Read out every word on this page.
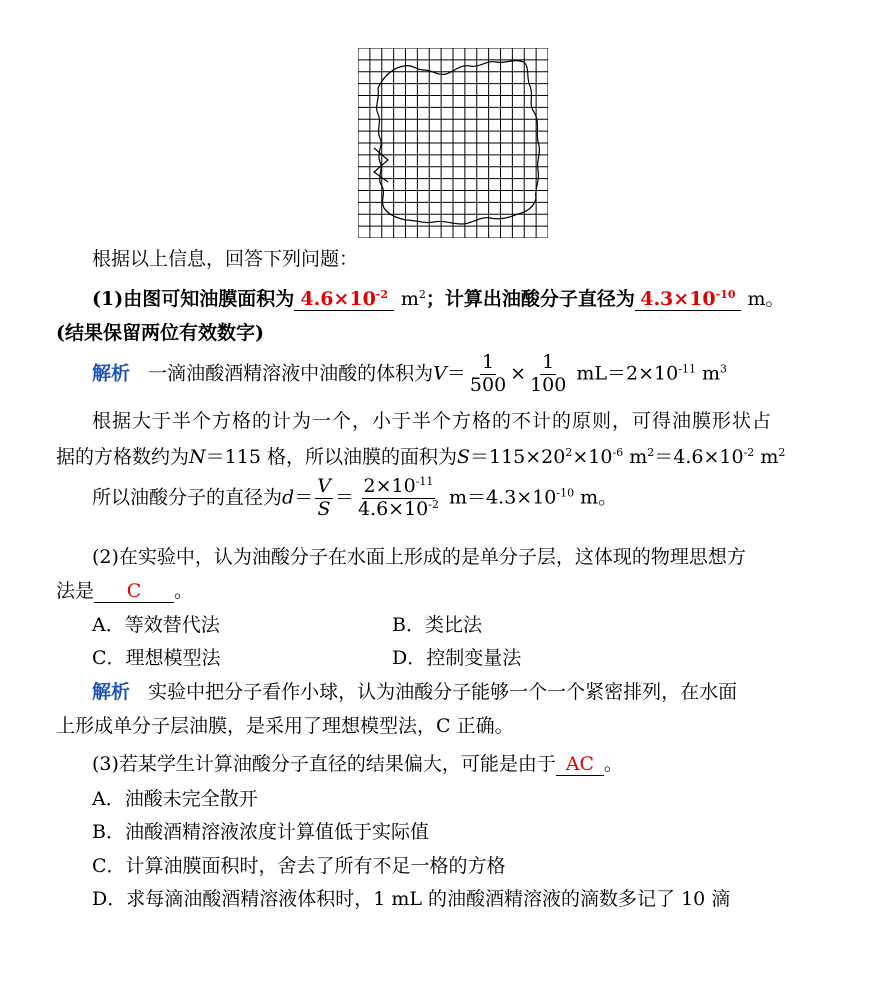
根据以上信息，回答下列问题：
(1)由图可知油膜面积为 $4.6\times 10^{-2}$ $m^2$；计算出油酸分子直径为 $4.3\times 10^{-10}$ m。
(结果保留两位有效数字)
解析 一滴油酸酒精溶液中油酸的体积为$V= \frac{1}{500} \times \frac{1}{100} mL=2\times 10^{-11}$ $m^3$
根据大于半个方格的计为一个，小于半个方格的不计的原则，可得油膜形状占
据的方格数约为N＝115 格，所以油膜的面积为$S=115\times 20^2\times 10^{-6}$ $m^2=4.6\times 10^{-2}$ $m^2$
所以油酸分子的直径为$d= \frac{V}{S} = \frac{2\times 10^{-11}}{4.6\times 10^{-2}} m=4.3\times 10^{-10}$ m。
(2)在实验中，认为油酸分子在水面上形成的是单分子层，这体现的物理思想方
法是 C 。
A．等效替代法	B．类比法
C．理想模型法	D．控制变量法
解析 实验中把分子看作小球，认为油酸分子能够一个一个紧密排列，在水面
上形成单分子层油膜，是采用了理想模型法，C 正确。
(3)若某学生计算油酸分子直径的结果偏大，可能是由于 AC 。
A．油酸未完全散开
B．油酸酒精溶液浓度计算值低于实际值
C．计算油膜面积时，舍去了所有不足一格的方格
D．求每滴油酸酒精溶液体积时，1 mL 的油酸酒精溶液的滴数多记了 10 滴
